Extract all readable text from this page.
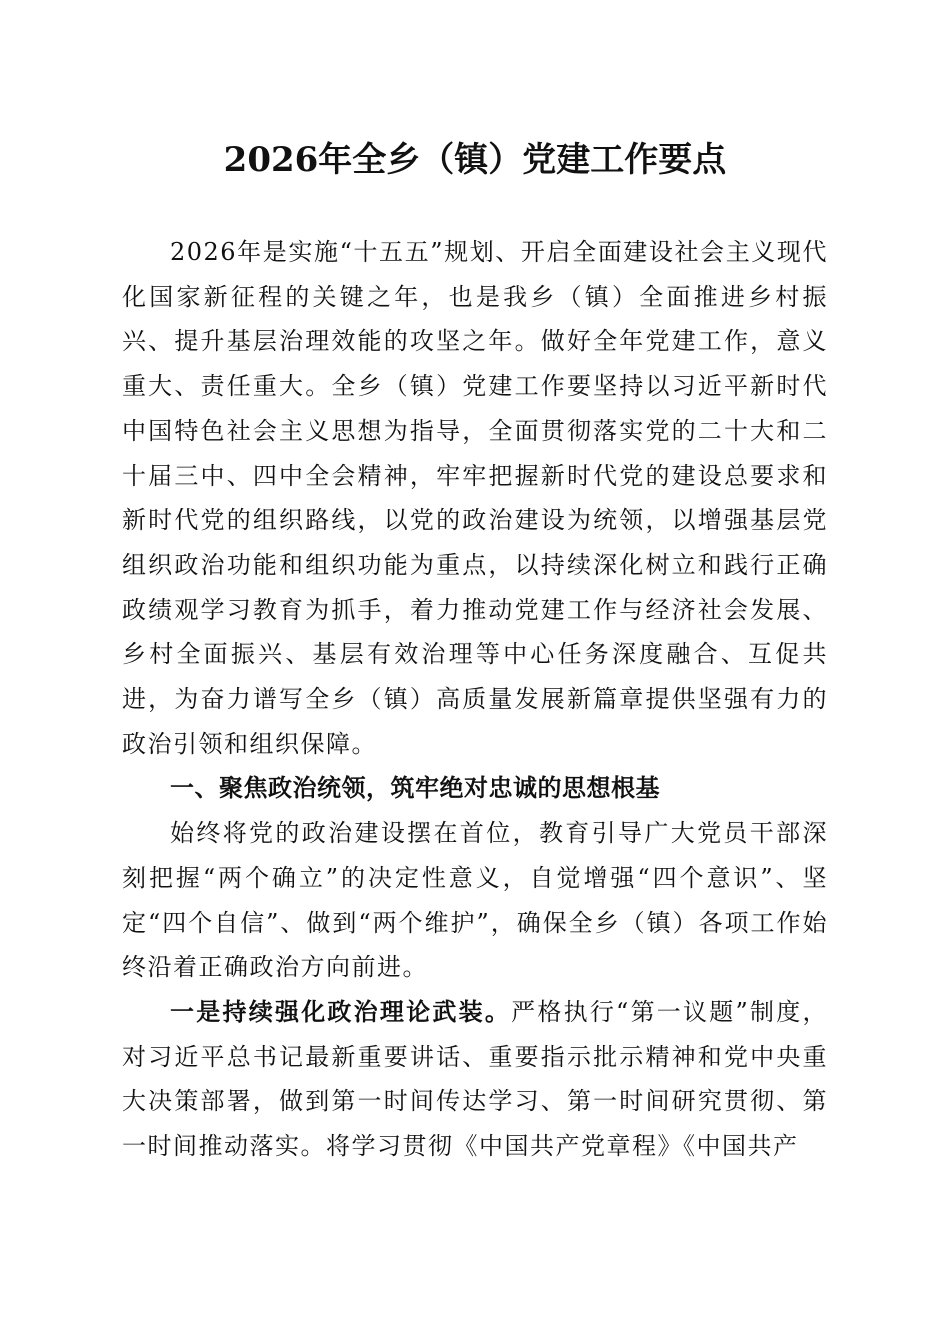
2026年全乡（镇）党建工作要点

2026年是实施“十五五”规划、开启全面建设社会主义现代化国家新征程的关键之年，也是我乡（镇）全面推进乡村振兴、提升基层治理效能的攻坚之年。做好全年党建工作，意义重大、责任重大。全乡（镇）党建工作要坚持以习近平新时代中国特色社会主义思想为指导，全面贯彻落实党的二十大和二十届三中、四中全会精神，牢牢把握新时代党的建设总要求和新时代党的组织路线，以党的政治建设为统领，以增强基层党组织政治功能和组织功能为重点，以持续深化树立和践行正确政绩观学习教育为抓手，着力推动党建工作与经济社会发展、乡村全面振兴、基层有效治理等中心任务深度融合、互促共进，为奋力谱写全乡（镇）高质量发展新篇章提供坚强有力的政治引领和组织保障。

一、聚焦政治统领，筑牢绝对忠诚的思想根基

始终将党的政治建设摆在首位，教育引导广大党员干部深刻把握“两个确立”的决定性意义，自觉增强“四个意识”、坚定“四个自信”、做到“两个维护”，确保全乡（镇）各项工作始终沿着正确政治方向前进。

一是持续强化政治理论武装。严格执行“第一议题”制度，对习近平总书记最新重要讲话、重要指示批示精神和党中央重大决策部署，做到第一时间传达学习、第一时间研究贯彻、第一时间推动落实。将学习贯彻《中国共产党章程》《中国共产
